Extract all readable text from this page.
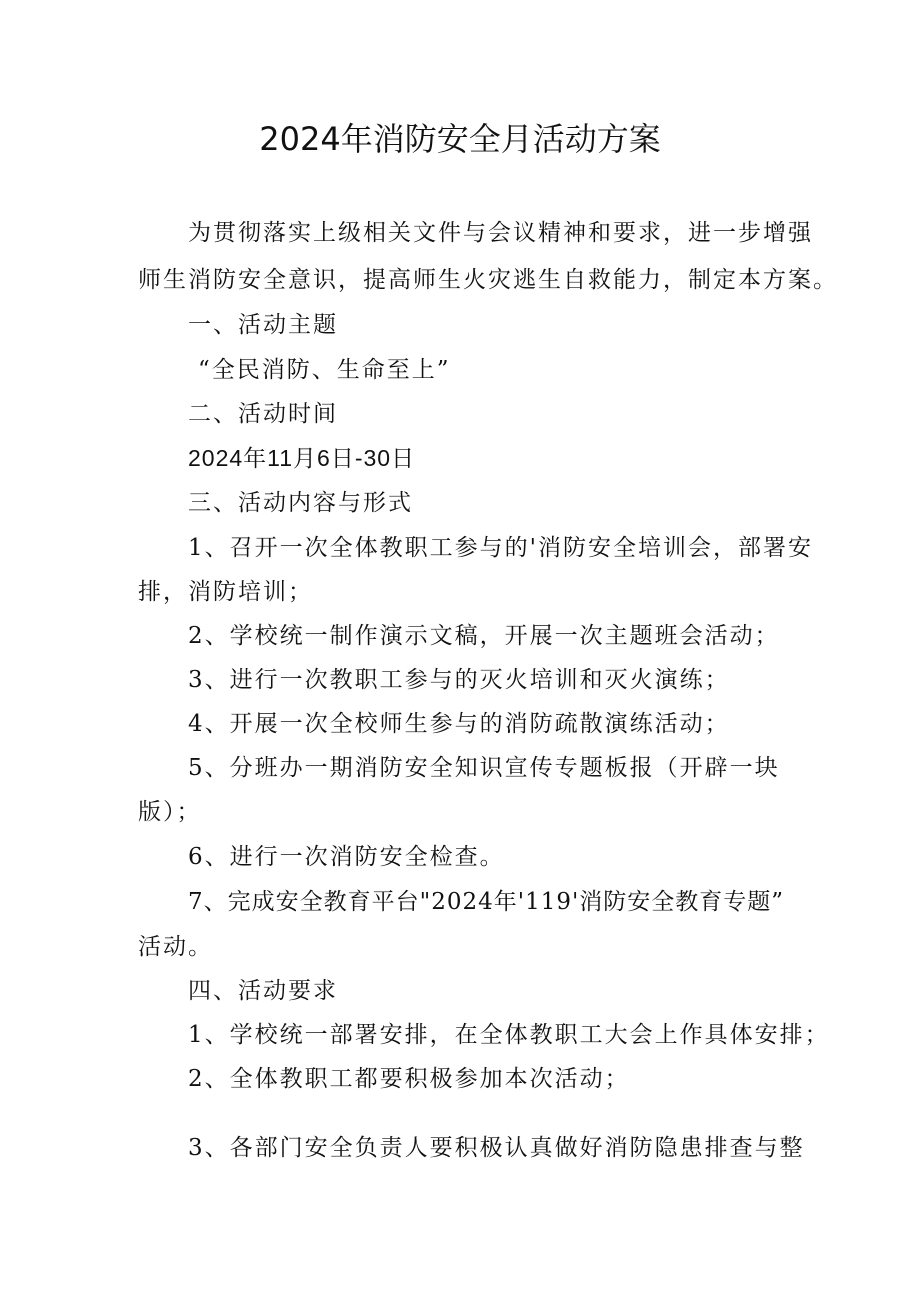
2024年消防安全月活动方案
为贯彻落实上级相关文件与会议精神和要求，进一步增强
师生消防安全意识，提高师生火灾逃生自救能力，制定本方案。
一、活动主题
“全民消防、生命至上”
二、活动时间
2024年11月6日-30日
三、活动内容与形式
1、召开一次全体教职工参与的'消防安全培训会，部署安
排，消防培训；
2、学校统一制作演示文稿，开展一次主题班会活动；
3、进行一次教职工参与的灭火培训和灭火演练；
4、开展一次全校师生参与的消防疏散演练活动；
5、分班办一期消防安全知识宣传专题板报（开辟一块
版）；
6、进行一次消防安全检查。
7、完成安全教育平台"2024年'119'消防安全教育专题”
活动。
四、活动要求
1、学校统一部署安排，在全体教职工大会上作具体安排；
2、全体教职工都要积极参加本次活动；
3、各部门安全负责人要积极认真做好消防隐患排查与整
